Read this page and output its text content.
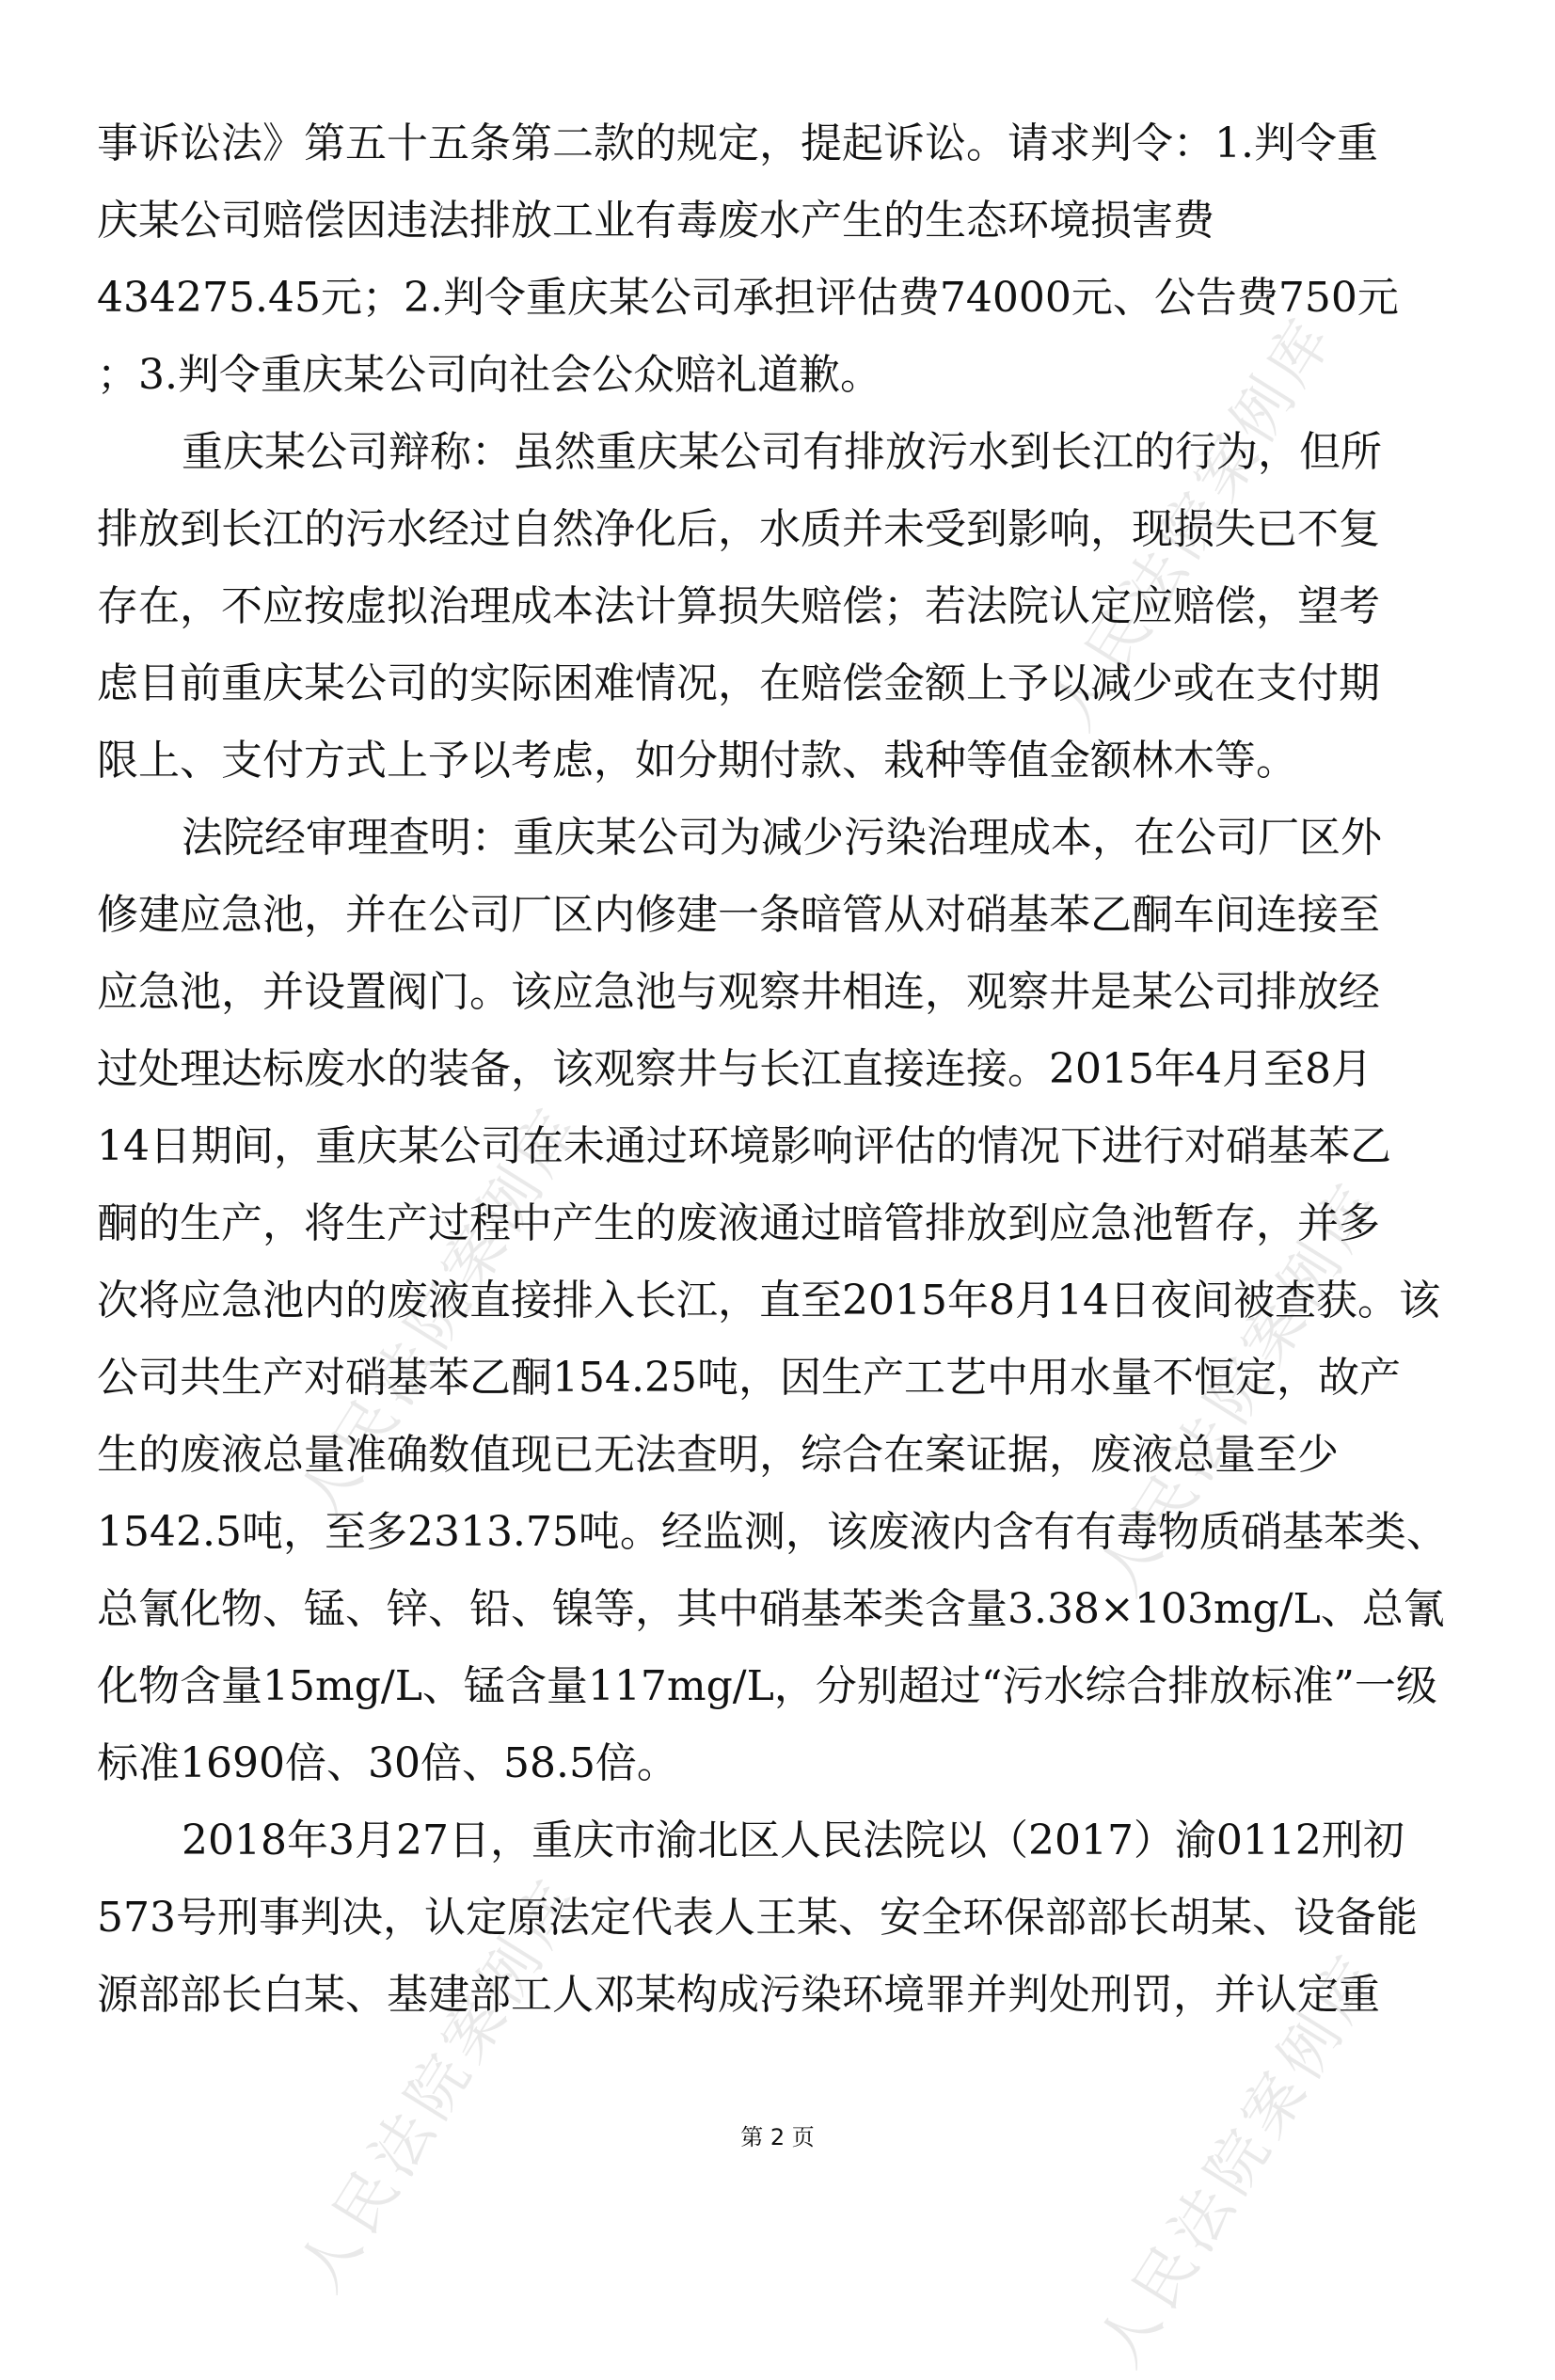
人民法院案例库
人民法院案例库	人民法院案例库
人民法院案例库	人民法院案例库
事诉讼法》第五十五条第二款的规定，提起诉讼。请求判令：1.判令重
庆某公司赔偿因违法排放工业有毒废水产生的生态环境损害费
434275.45元；2.判令重庆某公司承担评估费74000元、公告费750元
；3.判令重庆某公司向社会公众赔礼道歉。
重庆某公司辩称：虽然重庆某公司有排放污水到长江的行为，但所
排放到长江的污水经过自然净化后，水质并未受到影响，现损失已不复
存在，不应按虚拟治理成本法计算损失赔偿；若法院认定应赔偿，望考
虑目前重庆某公司的实际困难情况，在赔偿金额上予以减少或在支付期
限上、支付方式上予以考虑，如分期付款、栽种等值金额林木等。
法院经审理查明：重庆某公司为减少污染治理成本，在公司厂区外
修建应急池，并在公司厂区内修建一条暗管从对硝基苯乙酮车间连接至
应急池，并设置阀门。该应急池与观察井相连，观察井是某公司排放经
过处理达标废水的装备，该观察井与长江直接连接。2015年4月至8月
14日期间，重庆某公司在未通过环境影响评估的情况下进行对硝基苯乙
酮的生产，将生产过程中产生的废液通过暗管排放到应急池暂存，并多
次将应急池内的废液直接排入长江，直至2015年8月14日夜间被查获。该
公司共生产对硝基苯乙酮154.25吨，因生产工艺中用水量不恒定，故产
生的废液总量准确数值现已无法查明，综合在案证据，废液总量至少
1542.5吨，至多2313.75吨。经监测，该废液内含有有毒物质硝基苯类、
总氰化物、锰、锌、铅、镍等，其中硝基苯类含量3.38×103mg/L、总氰
化物含量15mg/L、锰含量117mg/L，分别超过“污水综合排放标准”一级
标准1690倍、30倍、58.5倍。
2018年3月27日，重庆市渝北区人民法院以（2017）渝0112刑初
573号刑事判决，认定原法定代表人王某、安全环保部部长胡某、设备能
源部部长白某、基建部工人邓某构成污染环境罪并判处刑罚，并认定重
第 2 页
